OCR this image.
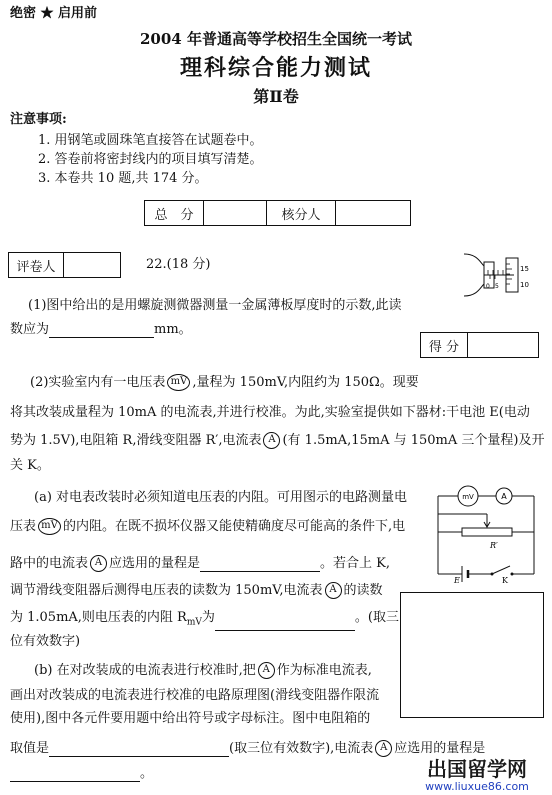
绝密 ★ 启用前
2004 年普通高等学校招生全国统一考试
理科综合能力测试
第Ⅱ卷
注意事项:
1. 用钢笔或圆珠笔直接答在试题卷中。
2. 答卷前将密封线内的项目填写清楚。
3. 本卷共 10 题,共 174 分。
总　分		核分人	
评卷人		22.(18 分)	15
10
0 5
(1)图中给出的是用螺旋测微器测量一金属薄板厚度时的示数,此读
数应为	mm。
得 分	
(2)实验室内有一电压表 mV ,量程为 150mV,内阻约为 150Ω。现要
将其改装成量程为 10mA 的电流表,并进行校准。为此,实验室提供如下器材:干电池 E(电动
势为 1.5V),电阻箱 R,滑线变阻器 R′,电流表 A (有 1.5mA,15mA 与 150mA 三个量程)及开
关 K。
(a) 对电表改装时必须知道电压表的内阻。可用图示的电路测量电
压表 mV 的内阻。在既不损坏仪器又能使精确度尽可能高的条件下,电
路中的电流表 A 应选用的量程是	。若合上 K,
调节滑线变阻器后测得电压表的读数为 150mV,电流表 A 的读数
为 1.05mA,则电压表的内阻 $R_{mV}$为	。(取三
位有效数字)
mV	A
R′
E	K
(b) 在对改装成的电流表进行校准时,把 A 作为标准电流表,
画出对改装成的电流表进行校准的电路原理图(滑线变阻器作限流
使用),图中各元件要用题中给出符号或字母标注。图中电阻箱的
取值是	(取三位有效数字),电流表 A 应选用的量程是
。	出国留学网
www.liuxue86.com
